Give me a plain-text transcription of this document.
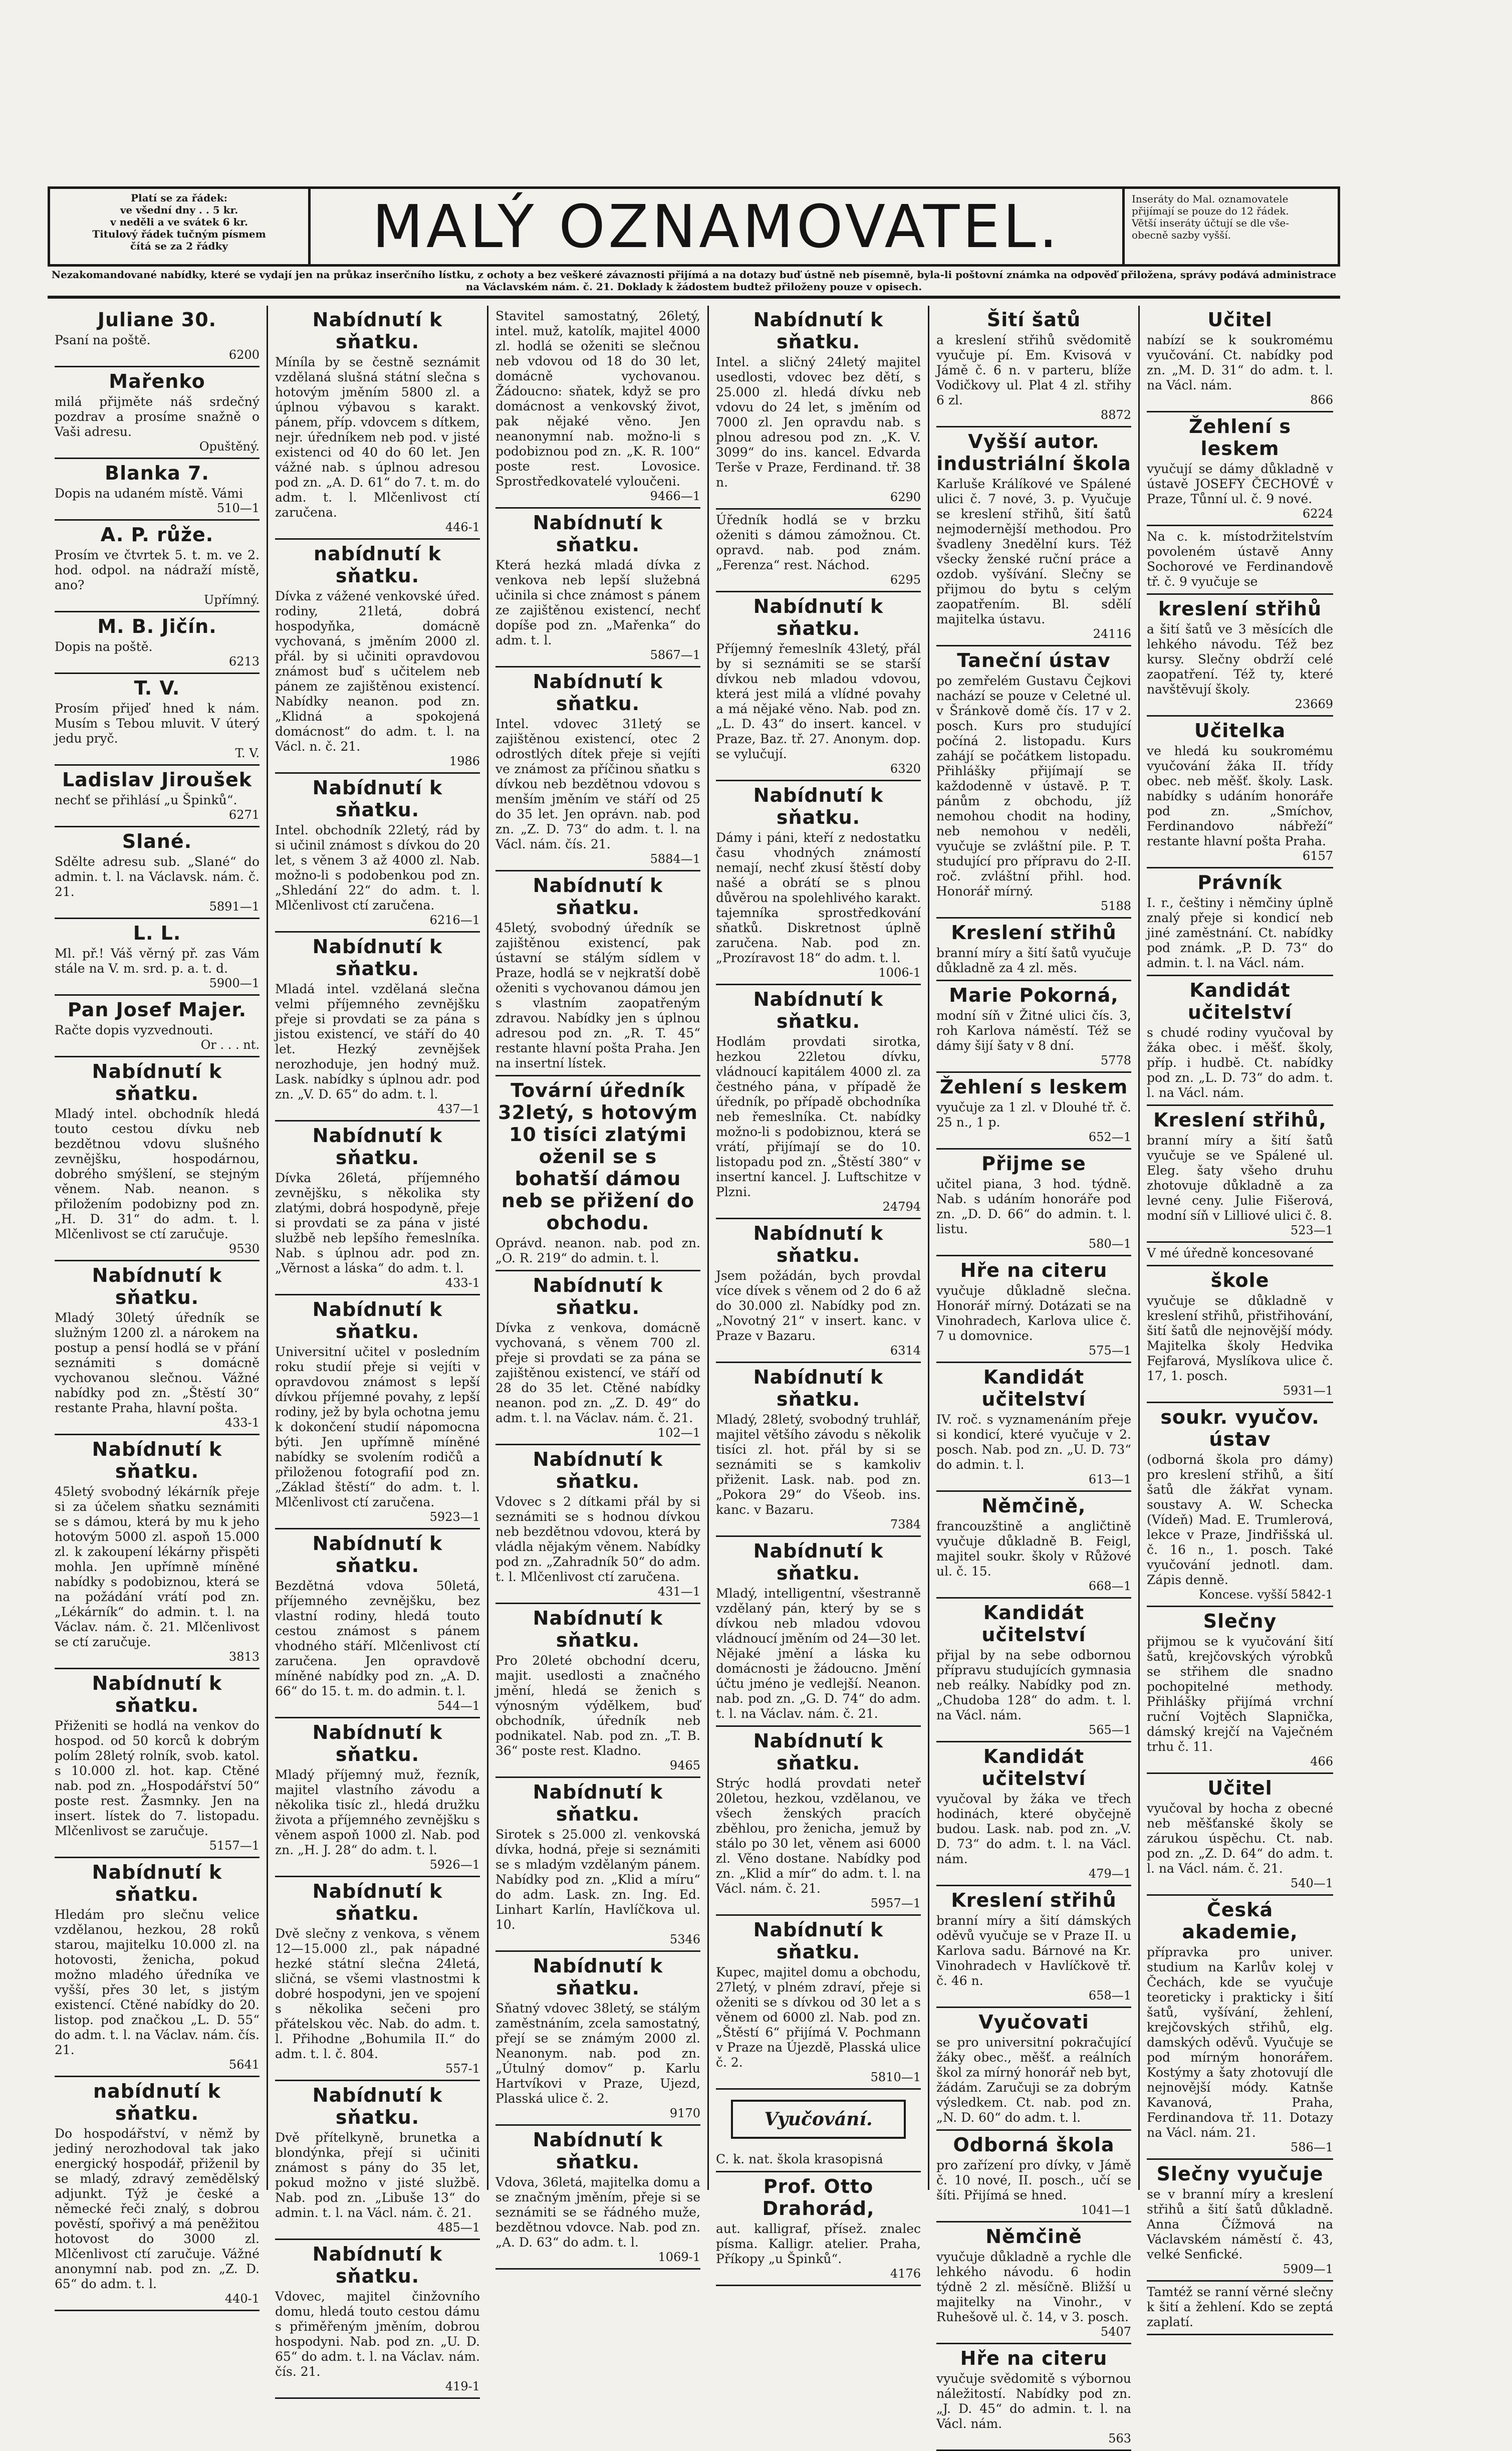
Platí se za řádek:
ve všední dny . . 5 kr.
v neděli a ve svátek 6 kr.
Titulový řádek tučným písmem
čítá se za 2 řádky	MALÝ OZNAMOVATEL.	Inseráty do Mal. oznamovatele
přijímají se pouze do 12 řádek.
Větší inseráty účtují se dle vše-
obecně sazby vyšší.
Nezakomandované nabídky, které se vydají jen na průkaz inserčního lístku, z ochoty a bez veškeré závaznosti přijímá a na dotazy buď ústně neb písemně, byla-li poštovní známka na odpověď přiložena, správy podává administrace na Václavském nám. č. 21. Doklady k žádostem budtež přiloženy pouze v opisech.
Juliane 30.

Psaní na poště.

6200
Mařenko

milá přijměte náš srdečný pozdrav a prosíme snažně o Vaši adresu.

Opuštěný.
Blanka 7.

Dopis na udaném místě. Vámi

510—1
A. P. růže.

Prosím ve čtvrtek 5. t. m. ve 2. hod. odpol. na nádraží místě, ano?

Upřímný.
M. B. Jičín.

Dopis na poště.

6213
T. V.

Prosím přijeď hned k nám. Musím s Tebou mluvit. V úterý jedu pryč.

T. V.
Ladislav Jiroušek

nechť se přihlásí „u Špinků“.

6271
Slané.

Sdělte adresu sub. „Slané“ do admin. t. l. na Václavsk. nám. č. 21.

5891—1
L. L.

Ml. př.! Váš věrný př. zas Vám stále na V. m. srd. p. a. t. d.

5900—1
Pan Josef Majer.

Račte dopis vyzvednouti.

Or . . . nt.
Nabídnutí k sňatku.

Mladý intel. obchodník hledá touto cestou dívku neb bezdětnou vdovu slušného zevnějšku, hospodárnou, dobrého smýšlení, se stejným věnem. Nab. neanon. s přiložením podobizny pod zn. „H. D. 31“ do adm. t. l. Mlčenlivost se ctí zaručuje.

9530
Nabídnutí k sňatku.

Mladý 30letý úředník se služným 1200 zl. a nárokem na postup a pensí hodlá se v přání seznámiti s domácně vychovanou slečnou. Vážné nabídky pod zn. „Štěstí 30“ restante Praha, hlavní pošta.

433-1
Nabídnutí k sňatku.

45letý svobodný lékárník přeje si za účelem sňatku seznámiti se s dámou, která by mu k jeho hotovým 5000 zl. aspoň 15.000 zl. k zakoupení lékárny přispěti mohla. Jen upřímně míněné nabídky s podobiznou, která se na požádání vrátí pod zn. „Lékárník“ do admin. t. l. na Václav. nám. č. 21. Mlčenlivost se ctí zaručuje.

3813
Nabídnutí k sňatku.

Přiženiti se hodlá na venkov do hospod. od 50 korců k dobrým polím 28letý rolník, svob. katol. s 10.000 zl. hot. kap. Ctěné nab. pod zn. „Hospodářství 50“ poste rest. Žasmnky. Jen na insert. lístek do 7. listopadu. Mlčenlivost se zaručuje.

5157—1
Nabídnutí k sňatku.

Hledám pro slečnu velice vzdělanou, hezkou, 28 roků starou, majitelku 10.000 zl. na hotovosti, ženicha, pokud možno mladého úředníka ve vyšší, přes 30 let, s jistým existencí. Ctěné nabídky do 20. listop. pod značkou „L. D. 55“ do adm. t. l. na Václav. nám. čís. 21.

5641
nabídnutí k sňatku.

Do hospodářství, v němž by jediný nerozhodoval tak jako energický hospodář, přiženil by se mladý, zdravý zemědělský adjunkt. Týž je české a německé řeči znalý, s dobrou pověstí, spořivý a má peněžitou hotovost do 3000 zl. Mlčenlivost ctí zaručuje. Vážné anonymní nab. pod zn. „Z. D. 65“ do adm. t. l.

440-1
Nabídnutí k sňatku.

Míníla by se čestně seznámit vzdělaná slušná státní slečna s hotovým jměním 5800 zl. a úplnou výbavou s karakt. pánem, příp. vdovcem s dítkem, nejr. úředníkem neb pod. v jisté existenci od 40 do 60 let. Jen vážné nab. s úplnou adresou pod zn. „A. D. 61“ do 7. t. m. do adm. t. l. Mlčenlivost ctí zaručena.

446-1
nabídnutí k sňatku.

Dívka z vážené venkovské úřed. rodiny, 21letá, dobrá hospodyňka, domácně vychovaná, s jměním 2000 zl. přál. by si učiniti opravdovou známost buď s učitelem neb pánem ze zajištěnou existencí. Nabídky neanon. pod zn. „Klidná a spokojená domácnost“ do adm. t. l. na Václ. n. č. 21.

1986
Nabídnutí k sňatku.

Intel. obchodník 22letý, rád by si učinil známost s dívkou do 20 let, s věnem 3 až 4000 zl. Nab. možno-li s podobenkou pod zn. „Shledání 22“ do adm. t. l. Mlčenlivost ctí zaručena.

6216—1
Nabídnutí k sňatku.

Mladá intel. vzdělaná slečna velmi příjemného zevnějšku přeje si provdati se za pána s jistou existencí, ve stáří do 40 let. Hezký zevnějšek nerozhoduje, jen hodný muž. Lask. nabídky s úplnou adr. pod zn. „V. D. 65“ do adm. t. l.

437—1
Nabídnutí k sňatku.

Dívka 26letá, příjemného zevnějšku, s několika sty zlatými, dobrá hospodyně, přeje si provdati se za pána v jisté službě neb lepšího řemeslníka. Nab. s úplnou adr. pod zn. „Věrnost a láska“ do adm. t. l.

433-1
Nabídnutí k sňatku.

Universitní učitel v posledním roku studií přeje si vejíti v opravdovou známost s lepší dívkou příjemné povahy, z lepší rodiny, jež by byla ochotna jemu k dokončení studií nápomocna býti. Jen upřímně míněné nabídky se svolením rodičů a přiloženou fotografií pod zn. „Základ štěstí“ do adm. t. l. Mlčenlivost ctí zaručena.

5923—1
Nabídnutí k sňatku.

Bezdětná vdova 50letá, příjemného zevnějšku, bez vlastní rodiny, hledá touto cestou známost s pánem vhodného stáří. Mlčenlivost ctí zaručena. Jen opravdově míněné nabídky pod zn. „A. D. 66“ do 15. t. m. do admin. t. l.

544—1
Nabídnutí k sňatku.

Mladý příjemný muž, řezník, majitel vlastního závodu a několika tisíc zl., hledá družku života a příjemného zevnějšku s věnem aspoň 1000 zl. Nab. pod zn. „H. J. 28“ do adm. t. l.

5926—1
Nabídnutí k sňatku.

Dvě slečny z venkova, s věnem 12—15.000 zl., pak nápadné hezké státní slečna 24letá, sličná, se všemi vlastnostmi k dobré hospodyni, jen ve spojení s několika sečeni pro přátelskou věc. Nab. do adm. t. l. Přihodne „Bohumila II.“ do adm. t. l. č. 804.

557-1
Nabídnutí k sňatku.

Dvě přítelkyně, brunetka a blondýnka, přejí si učiniti známost s pány do 35 let, pokud možno v jisté službě. Nab. pod zn. „Libuše 13“ do admin. t. l. na Václ. nám. č. 21.

485—1
Nabídnutí k sňatku.

Vdovec, majitel činžovního domu, hledá touto cestou dámu s přiměřeným jměním, dobrou hospodyni. Nab. pod zn. „U. D. 65“ do adm. t. l. na Václav. nám. čís. 21.

419-1

Stavitel samostatný, 26letý, intel. muž, katolík, majitel 4000 zl. hodlá se oženiti se slečnou neb vdovou od 18 do 30 let, domácně vychovanou. Žádoucno: sňatek, když se pro domácnost a venkovský život, pak nějaké věno. Jen neanonymní nab. možno-li s podobiznou pod zn. „K. R. 100“ poste rest. Lovosice. Sprostředkovatelé vyloučeni.

9466—1
Nabídnutí k sňatku.

Která hezká mladá dívka z venkova neb lepší služebná učinila si chce známost s pánem ze zajištěnou existencí, nechť dopíše pod zn. „Mařenka“ do adm. t. l.

5867—1
Nabídnutí k sňatku.

Intel. vdovec 31letý se zajištěnou existencí, otec 2 odrostlých dítek přeje si vejíti ve známost za příčinou sňatku s dívkou neb bezdětnou vdovou s menším jměním ve stáří od 25 do 35 let. Jen oprávn. nab. pod zn. „Z. D. 73“ do adm. t. l. na Václ. nám. čís. 21.

5884—1
Nabídnutí k sňatku.

45letý, svobodný úředník se zajištěnou existencí, pak ústavní se stálým sídlem v Praze, hodlá se v nejkratší době oženiti s vychovanou dámou jen s vlastním zaopatřeným zdravou. Nabídky jen s úplnou adresou pod zn. „R. T. 45“ restante hlavní pošta Praha. Jen na insertní lístek.

Tovární úředník 32letý, s hotovým 10 tisíci zlatými oženil se s bohatší dámou neb se přižení do obchodu.

Oprávd. neanon. nab. pod zn. „O. R. 219“ do admin. t. l.

Nabídnutí k sňatku.

Dívka z venkova, domácně vychovaná, s věnem 700 zl. přeje si provdati se za pána se zajištěnou existencí, ve stáří od 28 do 35 let. Ctěné nabídky neanon. pod zn. „Z. D. 49“ do adm. t. l. na Václav. nám. č. 21.

102—1
Nabídnutí k sňatku.

Vdovec s 2 dítkami přál by si seznámiti se s hodnou dívkou neb bezdětnou vdovou, která by vládla nějakým věnem. Nabídky pod zn. „Zahradník 50“ do adm. t. l. Mlčenlivost ctí zaručena.

431—1
Nabídnutí k sňatku.

Pro 20leté obchodní dceru, majit. usedlosti a značného jmění, hledá se ženich s výnosným výdělkem, buď obchodník, úředník neb podnikatel. Nab. pod zn. „T. B. 36“ poste rest. Kladno.

9465
Nabídnutí k sňatku.

Sirotek s 25.000 zl. venkovská dívka, hodná, přeje si seznámiti se s mladým vzdělaným pánem. Nabídky pod zn. „Klid a míru“ do adm. Lask. zn. Ing. Ed. Linhart Karlín, Havlíčkova ul. 10.

5346
Nabídnutí k sňatku.

Sňatný vdovec 38letý, se stálým zaměstnáním, zcela samostatný, přejí se se známým 2000 zl. Neanonym. nab. pod zn. „Útulný domov“ p. Karlu Hartvíkovi v Praze, Ujezd, Plasská ulice č. 2.

9170
Nabídnutí k sňatku.

Vdova, 36letá, majitelka domu a se značným jměním, přeje si se seznámiti se se řádného muže, bezdětnou vdovce. Nab. pod zn. „A. D. 63“ do adm. t. l.

1069-1
Nabídnutí k sňatku.

Intel. a sličný 24letý majitel usedlosti, vdovec bez dětí, s 25.000 zl. hledá dívku neb vdovu do 24 let, s jměním od 7000 zl. Jen opravdu nab. s plnou adresou pod zn. „K. V. 3099“ do ins. kancel. Edvarda Terše v Praze, Ferdinand. tř. 38 n.

6290

Úředník hodlá se v brzku oženiti s dámou zámožnou. Ct. opravd. nab. pod znám. „Ferenza“ rest. Náchod.

6295
Nabídnutí k sňatku.

Příjemný řemeslník 43letý, přál by si seznámiti se se starší dívkou neb mladou vdovou, která jest milá a vlídné povahy a má nějaké věno. Nab. pod zn. „L. D. 43“ do insert. kancel. v Praze, Baz. tř. 27. Anonym. dop. se vylučují.

6320
Nabídnutí k sňatku.

Dámy i páni, kteří z nedostatku času vhodných známostí nemají, nechť zkusí štěstí doby našé a obrátí se s plnou důvěrou na spolehlivého karakt. tajemníka sprostředkování sňatků. Diskretnost úplně zaručena. Nab. pod zn. „Prozíravost 18“ do adm. t. l.

1006-1
Nabídnutí k sňatku.

Hodlám provdati sirotka, hezkou 22letou dívku, vládnoucí kapitálem 4000 zl. za čestného pána, v případě že úředník, po případě obchodníka neb řemeslníka. Ct. nabídky možno-li s podobiznou, která se vrátí, přijímají se do 10. listopadu pod zn. „Štěstí 380“ v insertní kancel. J. Luftschitze v Plzni.

24794
Nabídnutí k sňatku.

Jsem požádán, bych provdal více dívek s věnem od 2 do 6 až do 30.000 zl. Nabídky pod zn. „Novotný 21“ v insert. kanc. v Praze v Bazaru.

6314
Nabídnutí k sňatku.

Mladý, 28letý, svobodný truhlář, majitel většího závodu s několik tisíci zl. hot. přál by si se seznámiti se s kamkoliv přiženit. Lask. nab. pod zn. „Pokora 29“ do Všeob. ins. kanc. v Bazaru.

7384
Nabídnutí k sňatku.

Mladý, intelligentní, všestranně vzdělaný pán, který by se s dívkou neb mladou vdovou vládnoucí jměním od 24—30 let. Nějaké jmění a láska ku domácnosti je žádoucno. Jmění účtu jméno je vedlejší. Neanon. nab. pod zn. „G. D. 74“ do adm. t. l. na Václav. nám. č. 21.

Nabídnutí k sňatku.

Strýc hodlá provdati neteř 20letou, hezkou, vzdělanou, ve všech ženských pracích zběhlou, pro ženicha, jemuž by stálo po 30 let, věnem asi 6000 zl. Věno dostane. Nabídky pod zn. „Klid a mír“ do adm. t. l. na Václ. nám. č. 21.

5957—1
Nabídnutí k sňatku.

Kupec, majitel domu a obchodu, 27letý, v plném zdraví, přeje si oženiti se s dívkou od 30 let a s věnem od 6000 zl. Nab. pod zn. „Štěstí 6“ přijímá V. Pochmann v Praze na Újezdě, Plasská ulice č. 2.

5810—1
Vyučování.

C. k. nat. škola krasopisná

Prof. Otto Drahorád,

aut. kalligraf, přísež. znalec písma. Kalligr. atelier. Praha, Příkopy „u Špinků“.

4176
Šití šatů

a kreslení střihů svědomitě vyučuje pí. Em. Kvisová v Jámě č. 6 n. v parteru, blíže Vodičkovy ul. Plat 4 zl. střihy 6 zl.

8872
Vyšší autor. industriální škola

Karluše Králíkové ve Spálené ulici č. 7 nové, 3. p. Vyučuje se kreslení střihů, šití šatů nejmodernější methodou. Pro švadleny 3nedělní kurs. Též všecky ženské ruční práce a ozdob. vyšívání. Slečny se přijmou do bytu s celým zaopatřením. Bl. sdělí majitelka ústavu.

24116
Taneční ústav

po zemřelém Gustavu Čejkovi nachází se pouze v Celetné ul. v Šránkově domě čís. 17 v 2. posch. Kurs pro studující počíná 2. listopadu. Kurs zahájí se počátkem listopadu. Přihlášky přijímají se každodenně v ústavě. P. T. pánům z obchodu, jíž nemohou chodit na hodiny, neb nemohou v neděli, vyučuje se zvláštní pile. P. T. studující pro přípravu do 2-II. roč. zvláštní přihl. hod. Honorář mírný.

5188
Kreslení střihů

branní míry a šití šatů vyučuje důkladně za 4 zl. měs.

Marie Pokorná,

modní síň v Žitné ulici čís. 3, roh Karlova náměstí. Též se dámy šijí šaty v 8 dní.

5778
Žehlení s leskem

vyučuje za 1 zl. v Dlouhé tř. č. 25 n., 1 p.

652—1
Přijme se

učitel piana, 3 hod. týdně. Nab. s udáním honoráře pod zn. „D. D. 66“ do admin. t. l. listu.

580—1
Hře na citeru

vyučuje důkladně slečna. Honorář mírný. Dotázati se na Vinohradech, Karlova ulice č. 7 u domovnice.

575—1
Kandidát učitelství

IV. roč. s vyznamenáním přeje si kondicí, které vyučuje v 2. posch. Nab. pod zn. „U. D. 73“ do admin. t. l.

613—1
Němčině,

francouzštině a angličtině vyučuje důkladně B. Feigl, majitel soukr. školy v Růžové ul. č. 15.

668—1
Kandidát učitelství

přijal by na sebe odbornou přípravu studujících gymnasia neb reálky. Nabídky pod zn. „Chudoba 128“ do adm. t. l. na Václ. nám.

565—1
Kandidát učitelství

vyučoval by žáka ve třech hodinách, které obyčejně budou. Lask. nab. pod zn. „V. D. 73“ do adm. t. l. na Václ. nám.

479—1
Kreslení střihů

branní míry a šití dámských oděvů vyučuje se v Praze II. u Karlova sadu. Bárnové na Kr. Vinohradech v Havlíčkově tř. č. 46 n.

658—1
Vyučovati

se pro universitní pokračující žáky obec., měšť. a reálních škol za mírný honorář neb byt, žádám. Zaručuji se za dobrým výsledkem. Ct. nab. pod zn. „N. D. 60“ do adm. t. l.

Odborná škola

pro zařízení pro dívky, v Jámě č. 10 nové, II. posch., učí se šíti. Přijímá se hned.

1041—1
Němčině

vyučuje důkladně a rychle dle lehkého návodu. 6 hodin týdně 2 zl. měsíčně. Bližší u majitelky na Vinohr., v Ruhešově ul. č. 14, v 3. posch.

5407
Hře na citeru

vyučuje svědomitě s výbornou náležitostí. Nabídky pod zn. „J. D. 45“ do admin. t. l. na Václ. nám.

563
Učitel

nabízí se k soukromému vyučování. Ct. nabídky pod zn. „M. D. 31“ do adm. t. l. na Václ. nám.

866
Žehlení s leskem

vyučují se dámy důkladně v ústavě JOSEFY ČECHOVÉ v Praze, Tůnní ul. č. 9 nové.

6224

Na c. k. místodržitelstvím povoleném ústavě Anny Sochorové ve Ferdinandově tř. č. 9 vyučuje se

kreslení střihů

a šití šatů ve 3 měsících dle lehkého návodu. Též bez kursy. Slečny obdrží celé zaopatření. Též ty, které navštěvují školy.

23669
Učitelka

ve hledá ku soukromému vyučování žáka II. třídy obec. neb měšť. školy. Lask. nabídky s udáním honoráře pod zn. „Smíchov, Ferdinandovo nábřeží“ restante hlavní pošta Praha.

6157
Právník

I. r., češtiny i němčiny úplně znalý přeje si kondicí neb jiné zaměstnání. Ct. nabídky pod známk. „P. D. 73“ do admin. t. l. na Václ. nám.

Kandidát učitelství

s chudé rodiny vyučoval by žáka obec. i měšť. školy, příp. i hudbě. Ct. nabídky pod zn. „L. D. 73“ do adm. t. l. na Václ. nám.

Kreslení střihů,

branní míry a šití šatů vyučuje se ve Spálené ul. Eleg. šaty všeho druhu zhotovuje důkladně a za levné ceny. Julie Fišerová, modní síň v Lilliové ulici č. 8.

523—1

V mé úředně koncesované

škole

vyučuje se důkladně v kreslení střihů, přistřihování, šití šatů dle nejnovější módy. Majitelka školy Hedvika Fejfarová, Myslíkova ulice č. 17, 1. posch.

5931—1
soukr. vyučov. ústav

(odborná škola pro dámy) pro kreslení střihů, a šití šatů dle žákřat vynam. soustavy A. W. Schecka (Vídeň) Mad. E. Trumlerová, lekce v Praze, Jindřišská ul. č. 16 n., 1. posch. Také vyučování jednotl. dam. Zápis denně.

Koncese. vyšší 5842-1
Slečny

přijmou se k vyučování šití šatů, krejčovských výrobků se střihem dle snadno pochopitelné methody. Přihlášky přijímá vrchní ruční Vojtěch Slapnička, dámský krejčí na Vaječném trhu č. 11.

466
Učitel

vyučoval by hocha z obecné neb měšťanské školy se zárukou úspěchu. Ct. nab. pod zn. „Z. D. 64“ do adm. t. l. na Václ. nám. č. 21.

540—1
Česká akademie,

přípravka pro univer. studium na Karlův kolej v Čechách, kde se vyučuje teoreticky i prakticky i šití šatů, vyšívání, žehlení, krejčovských střihů, elg. damských oděvů. Vyučuje se pod mírným honorářem. Kostýmy a šaty zhotovují dle nejnovější módy. Katnše Kavanová, Praha, Ferdinandova tř. 11. Dotazy na Václ. nám. 21.

586—1
Slečny vyučuje

se v branní míry a kreslení střihů a šití šatů důkladně. Anna Čížmová na Václavském náměstí č. 43, velké Senfické.

5909—1

Tamtéž se ranní věrné slečny k šití a žehlení. Kdo se zeptá zaplatí.
